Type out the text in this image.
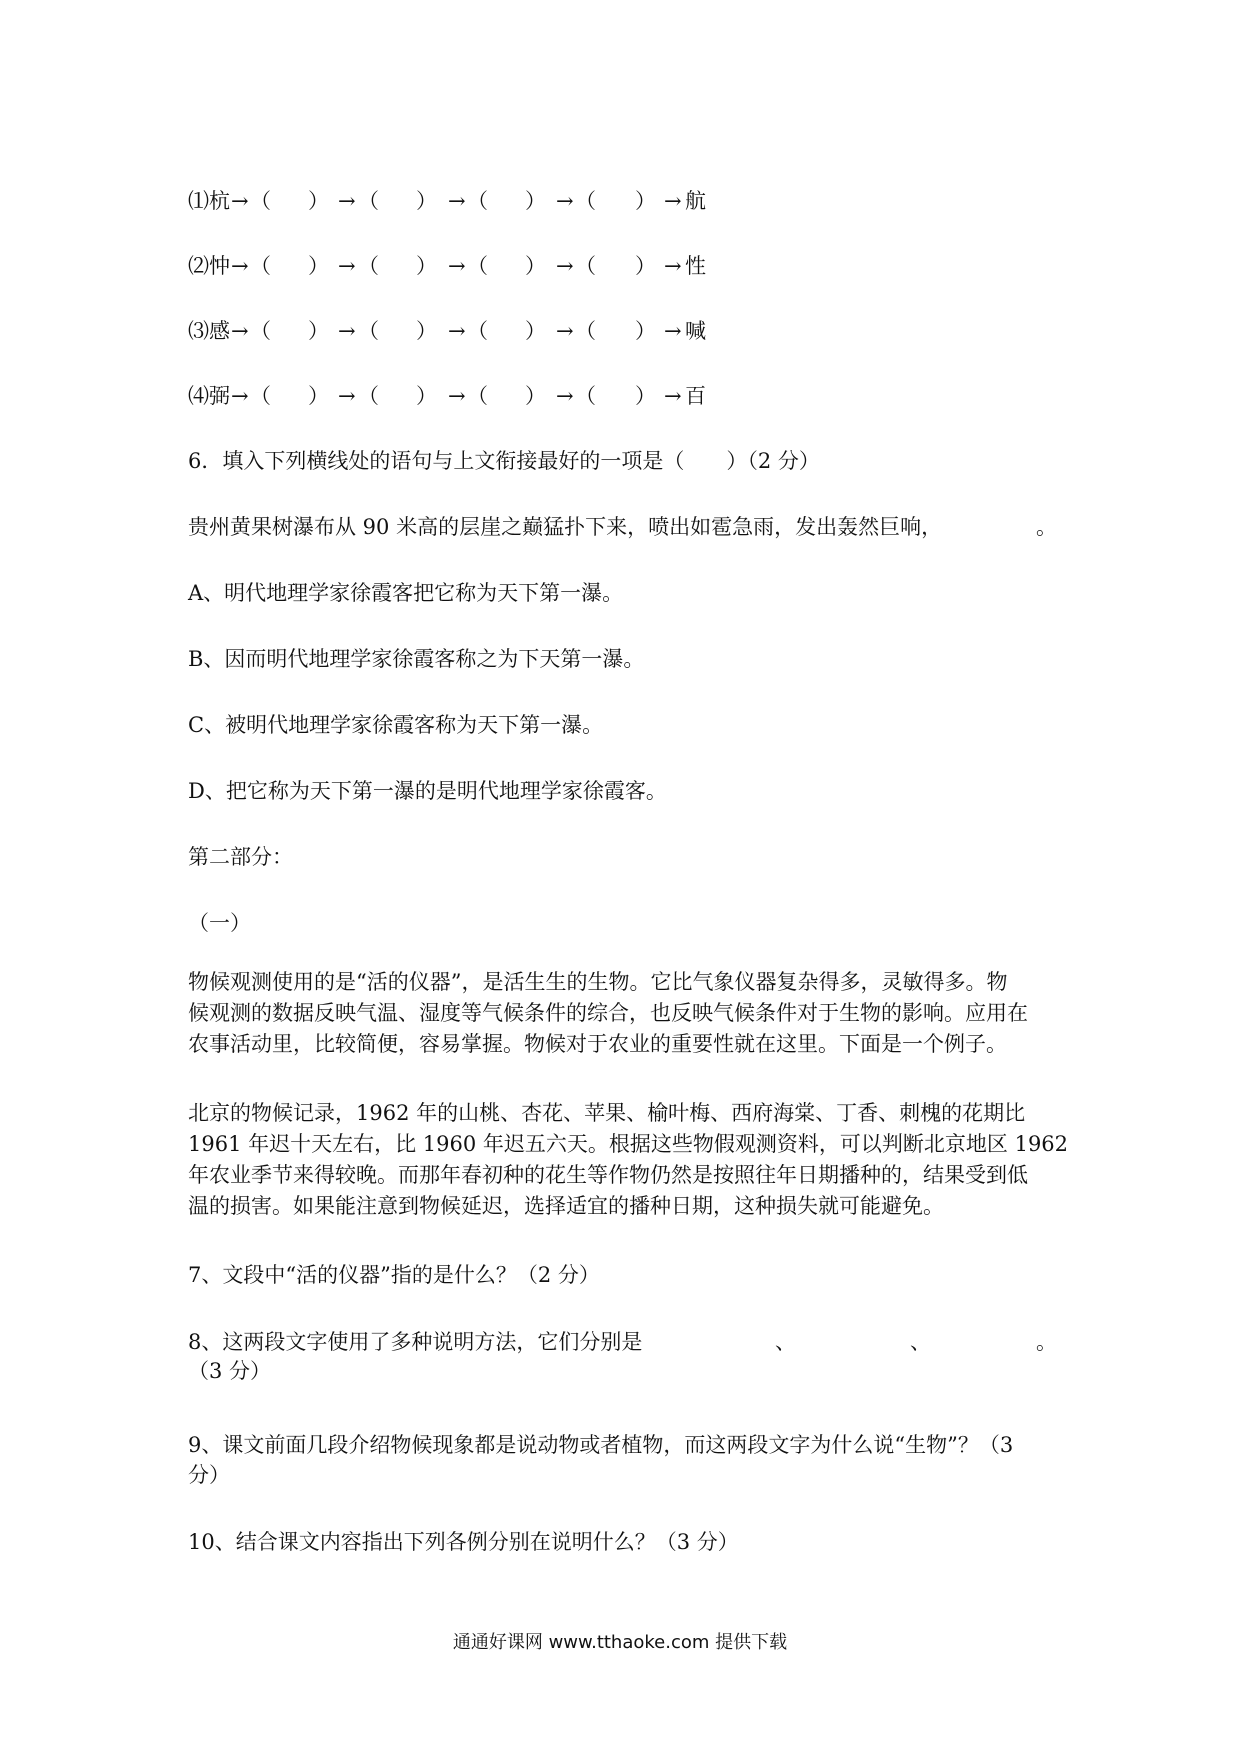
⑴杭 → （ ） → （ ） → （ ） → （ ） → 航
⑵忡 → （ ） → （ ） → （ ） → （ ） → 性
⑶感 → （ ） → （ ） → （ ） → （ ） → 喊
⑷弼 → （ ） → （ ） → （ ） → （ ） → 百
6．填入下列横线处的语句与上文衔接最好的一项是（　　）（2 分）
贵州黄果树瀑布从 90 米高的层崖之巅猛扑下来，喷出如雹急雨，发出轰然巨响，	。
A、明代地理学家徐霞客把它称为天下第一瀑。
B、因而明代地理学家徐霞客称之为下天第一瀑。
C、被明代地理学家徐霞客称为天下第一瀑。
D、把它称为天下第一瀑的是明代地理学家徐霞客。
第二部分：
（一）
物候观测使用的是“活的仪器”，是活生生的生物。它比气象仪器复杂得多，灵敏得多。物
候观测的数据反映气温、湿度等气候条件的综合，也反映气候条件对于生物的影响。应用在
农事活动里，比较简便，容易掌握。物候对于农业的重要性就在这里。下面是一个例子。
北京的物候记录，1962 年的山桃、杏花、苹果、榆叶梅、西府海棠、丁香、刺槐的花期比
1961 年迟十天左右，比 1960 年迟五六天。根据这些物假观测资料，可以判断北京地区 1962
年农业季节来得较晚。而那年春初种的花生等作物仍然是按照往年日期播种的，结果受到低
温的损害。如果能注意到物候延迟，选择适宜的播种日期，这种损失就可能避免。
7、文段中“活的仪器”指的是什么？（2 分）
8、这两段文字使用了多种说明方法，它们分别是	、	、	。
（3 分）
9、课文前面几段介绍物候现象都是说动物或者植物，而这两段文字为什么说“生物”？（3
分）
10、结合课文内容指出下列各例分别在说明什么？（3 分）
通通好课网 www.tthaoke.com 提供下载
